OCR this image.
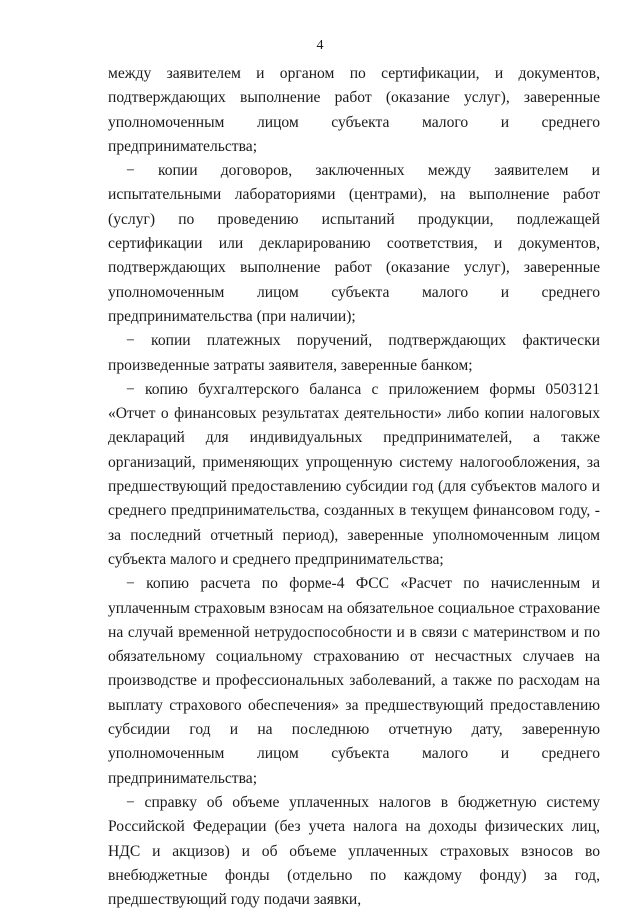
4

между заявителем и органом по сертификации, и документов, подтверждающих выполнение работ (оказание услуг), заверенные уполномоченным лицом субъекта малого и среднего предпринимательства;

− копии договоров, заключенных между заявителем и испытательными лабораториями (центрами), на выполнение работ (услуг) по проведению испытаний продукции, подлежащей сертификации или декларированию соответствия, и документов, подтверждающих выполнение работ (оказание услуг), заверенные уполномоченным лицом субъекта малого и среднего предпринимательства (при наличии);

− копии платежных поручений, подтверждающих фактически произведенные затраты заявителя, заверенные банком;

− копию бухгалтерского баланса с приложением формы 0503121 «Отчет о финансовых результатах деятельности» либо копии налоговых деклараций для индивидуальных предпринимателей, а также организаций, применяющих упрощенную систему налогообложения, за предшествующий предоставлению субсидии год (для субъектов малого и среднего предпринимательства, созданных в текущем финансовом году, - за последний отчетный период), заверенные уполномоченным лицом субъекта малого и среднего предпринимательства;

− копию расчета по форме-4 ФСС «Расчет по начисленным и уплаченным страховым взносам на обязательное социальное страхование на случай временной нетрудоспособности и в связи с материнством и по обязательному социальному страхованию от несчастных случаев на производстве и профессиональных заболеваний, а также по расходам на выплату страхового обеспечения» за предшествующий предоставлению субсидии год и на последнюю отчетную дату, заверенную уполномоченным лицом субъекта малого и среднего предпринимательства;

− справку об объеме уплаченных налогов в бюджетную систему Российской Федерации (без учета налога на доходы физических лиц, НДС и акцизов) и об объеме уплаченных страховых взносов во внебюджетные фонды (отдельно по каждому фонду) за год, предшествующий году подачи заявки,
